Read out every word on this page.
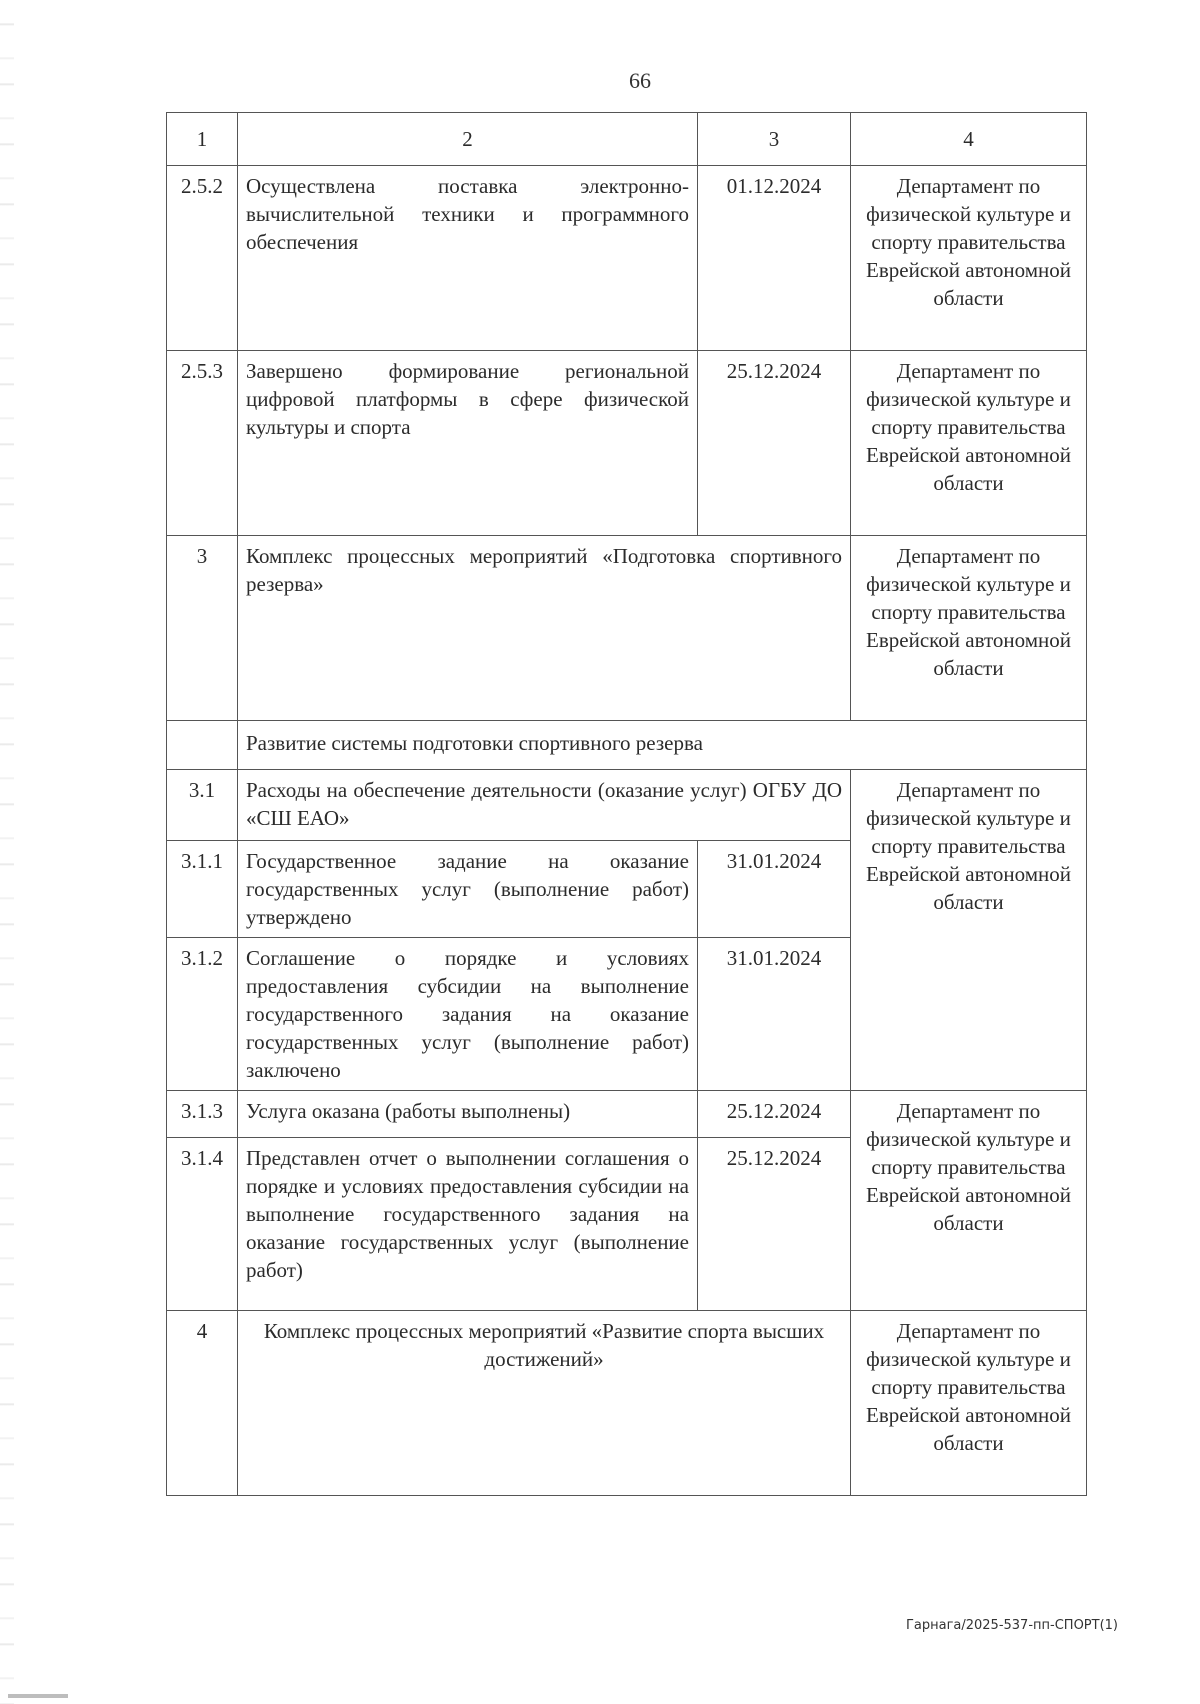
66
1	2	3	4
2.5.2	Осуществлена поставка электронно-вычислительной техники и программного обеспечения	01.12.2024	Департамент по физической культуре и спорту правительства Еврейской автономной области
2.5.3	Завершено формирование региональной цифровой платформы в сфере физической культуры и спорта	25.12.2024	Департамент по физической культуре и спорту правительства Еврейской автономной области
3	Комплекс процессных мероприятий «Подготовка спортивного резерва»		Департамент по физической культуре и спорту правительства Еврейской автономной области
	Развитие системы подготовки спортивного резерва		
3.1	Расходы на обеспечение деятельности (оказание услуг) ОГБУ ДО «СШ ЕАО»		Департамент по физической культуре и спорту правительства Еврейской автономной области
3.1.1	Государственное задание на оказание государственных услуг (выполнение работ) утверждено	31.01.2024	
3.1.2	Соглашение о порядке и условиях предоставления субсидии на выполнение государственного задания на оказание государственных услуг (выполнение работ) заключено	31.01.2024	
3.1.3	Услуга оказана (работы выполнены)	25.12.2024	Департамент по физической культуре и спорту правительства Еврейской автономной области
3.1.4	Представлен отчет о выполнении соглашения о порядке и условиях предоставления субсидии на выполнение государственного задания на оказание государственных услуг (выполнение работ)	25.12.2024	
4	Комплекс процессных мероприятий «Развитие спорта высших достижений»		Департамент по физической культуре и спорту правительства Еврейской автономной области
Гарнага/2025-537-пп-СПОРТ(1)
